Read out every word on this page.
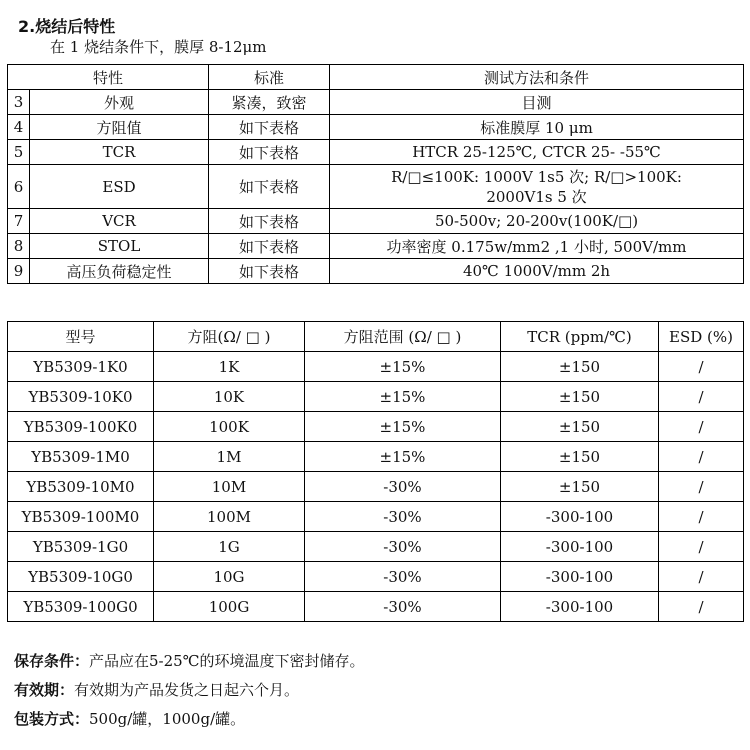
2.烧结后特性
在 1 烧结条件下，膜厚 8-12μm
特性		标准	测试方法和条件
3	外观	紧凑，致密	目测
4	方阻值	如下表格	标准膜厚 10 μm
5	TCR	如下表格	HTCR 25-125℃, CTCR 25- -55℃
6	ESD	如下表格	R/□≤100K: 1000V 1s5 次; R/□>100K:
2000V1s 5 次

7	VCR	如下表格	50-500v; 20-200v(100K/□)
8	STOL	如下表格	功率密度 0.175w/mm2 ,1 小时, 500V/mm
9	高压负荷稳定性	如下表格	40℃ 1000V/mm 2h
型号	方阻(Ω/ □ )	方阻范围 (Ω/ □ )	TCR (ppm/℃)	ESD (%)
YB5309-1K0	1K	±15%	±150	/
YB5309-10K0	10K	±15%	±150	/
YB5309-100K0	100K	±15%	±150	/
YB5309-1M0	1M	±15%	±150	/
YB5309-10M0	10M	-30%	±150	/
YB5309-100M0	100M	-30%	-300-100	/
YB5309-1G0	1G	-30%	-300-100	/
YB5309-10G0	10G	-30%	-300-100	/
YB5309-100G0	100G	-30%	-300-100	/
保存条件：产品应在5-25℃的环境温度下密封储存。
有效期：有效期为产品发货之日起六个月。
包装方式：500g/罐，1000g/罐。
